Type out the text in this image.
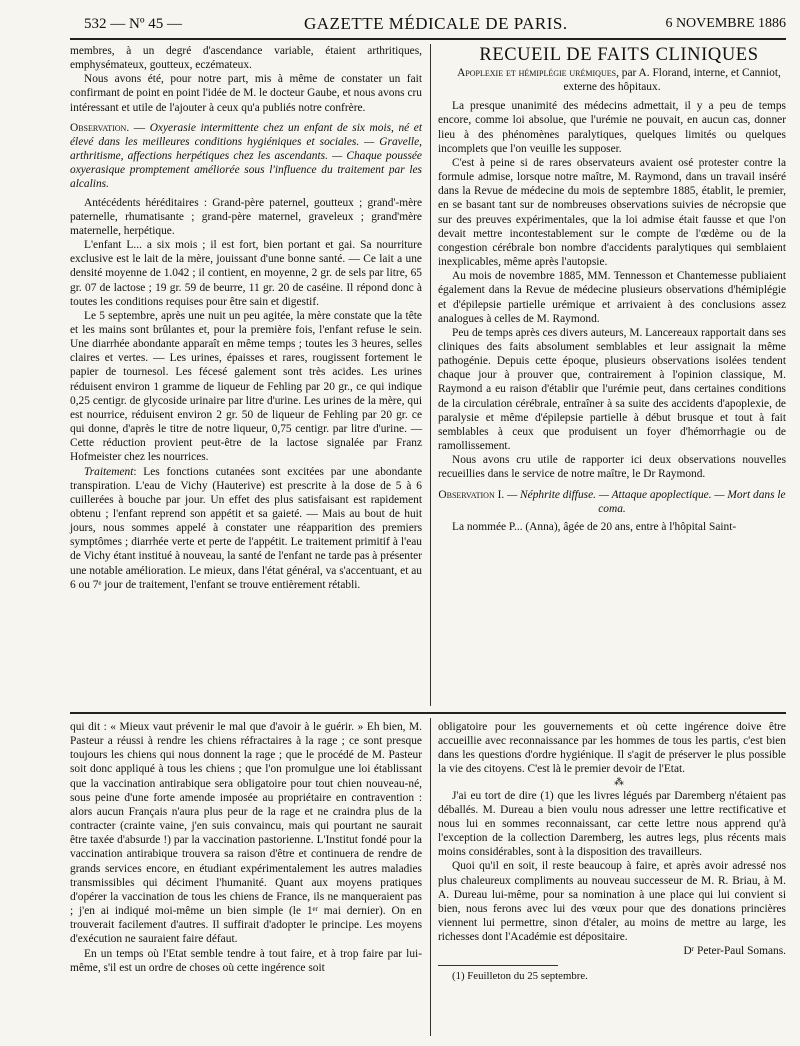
532 — Nº 45 —	GAZETTE MÉDICALE DE PARIS.	6 NOVEMBRE 1886

membres, à un degré d'ascendance variable, étaient arthritiques, emphysémateux, goutteux, eczémateux.

Nous avons été, pour notre part, mis à même de constater un fait confirmant de point en point l'idée de M. le docteur Gaube, et nous avons cru intéressant et utile de l'ajouter à ceux qu'a publiés notre confrère.

Observation. — Oxyerasie intermittente chez un enfant de six mois, né et élevé dans les meilleures conditions hygiéniques et sociales. — Gravelle, arthritisme, affections herpétiques chez les ascendants. — Chaque poussée oxyerasique promptement améliorée sous l'influence du traitement par les alcalins.

Antécédents héréditaires : Grand-père paternel, goutteux ; grand'-mère paternelle, rhumatisante ; grand-père maternel, graveleux ; grand'mère maternelle, herpétique.

L'enfant L... a six mois ; il est fort, bien portant et gai. Sa nourriture exclusive est le lait de la mère, jouissant d'une bonne santé. — Ce lait a une densité moyenne de 1.042 ; il contient, en moyenne, 2 gr. de sels par litre, 65 gr. 07 de lactose ; 19 gr. 59 de beurre, 11 gr. 20 de caséine. Il répond donc à toutes les conditions requises pour être sain et digestif.

Le 5 septembre, après une nuit un peu agitée, la mère constate que la tête et les mains sont brûlantes et, pour la première fois, l'enfant refuse le sein. Une diarrhée abondante apparaît en même temps ; toutes les 3 heures, selles claires et vertes. — Les urines, épaisses et rares, rougissent fortement le papier de tournesol. Les fécesé galement sont très acides. Les urines réduisent environ 1 gramme de liqueur de Fehling par 20 gr., ce qui indique 0,25 centigr. de glycoside urinaire par litre d'urine. Les urines de la mère, qui est nourrice, réduisent environ 2 gr. 50 de liqueur de Fehling par 20 gr. ce qui donne, d'après le titre de notre liqueur, 0,75 centigr. par litre d'urine. — Cette réduction provient peut-être de la lactose signalée par Franz Hofmeister chez les nourrices.

Traitement: Les fonctions cutanées sont excitées par une abondante transpiration. L'eau de Vichy (Hauterive) est prescrite à la dose de 5 à 6 cuillerées à bouche par jour. Un effet des plus satisfaisant est rapidement obtenu ; l'enfant reprend son appétit et sa gaieté. — Mais au bout de huit jours, nous sommes appelé à constater une réapparition des premiers symptômes ; diarrhée verte et perte de l'appétit. Le traitement primitif à l'eau de Vichy étant institué à nouveau, la santé de l'enfant ne tarde pas à présenter une notable amélioration. Le mieux, dans l'état général, va s'accentuant, et au 6 ou 7ᵉ jour de traitement, l'enfant se trouve entièrement rétabli.

RECUEIL DE FAITS CLINIQUES

Apoplexie et hémiplégie urémiques, par A. Florand, interne, et Canniot, externe des hôpitaux.

La presque unanimité des médecins admettait, il y a peu de temps encore, comme loi absolue, que l'urémie ne pouvait, en aucun cas, donner lieu à des phénomènes paralytiques, quelques limités ou quelques incomplets que l'on veuille les supposer.

C'est à peine si de rares observateurs avaient osé protester contre la formule admise, lorsque notre maître, M. Raymond, dans un travail inséré dans la Revue de médecine du mois de septembre 1885, établit, le premier, en se basant tant sur de nombreuses observations suivies de nécropsie que sur des preuves expérimentales, que la loi admise était fausse et que l'on devait mettre incontestablement sur le compte de l'œdème ou de la congestion cérébrale bon nombre d'accidents paralytiques qui semblaient inexplicables, même après l'autopsie.

Au mois de novembre 1885, MM. Tennesson et Chantemesse publiaient également dans la Revue de médecine plusieurs observations d'hémiplégie et d'épilepsie partielle urémique et arrivaient à des conclusions assez analogues à celles de M. Raymond.

Peu de temps après ces divers auteurs, M. Lancereaux rapportait dans ses cliniques des faits absolument semblables et leur assignait la même pathogénie. Depuis cette époque, plusieurs observations isolées tendent chaque jour à prouver que, contrairement à l'opinion classique, M. Raymond a eu raison d'établir que l'urémie peut, dans certaines conditions de la circulation cérébrale, entraîner à sa suite des accidents d'apoplexie, de paralysie et même d'épilepsie partielle à début brusque et tout à fait semblables à ceux que produisent un foyer d'hémorrhagie ou de ramollissement.

Nous avons cru utile de rapporter ici deux observations nouvelles recueillies dans le service de notre maître, le Dr Raymond.

Observation I. — Néphrite diffuse. — Attaque apoplectique. — Mort dans le coma.

La nommée P... (Anna), âgée de 20 ans, entre à l'hôpital Saint-

qui dit : « Mieux vaut prévenir le mal que d'avoir à le guérir. » Eh bien, M. Pasteur a réussi à rendre les chiens réfractaires à la rage ; ce sont presque toujours les chiens qui nous donnent la rage ; que le procédé de M. Pasteur soit donc appliqué à tous les chiens ; que l'on promulgue une loi établissant que la vaccination antirabique sera obligatoire pour tout chien nouveau-né, sous peine d'une forte amende imposée au propriétaire en contravention : alors aucun Français n'aura plus peur de la rage et ne craindra plus de la contracter (crainte vaine, j'en suis convaincu, mais qui pourtant ne saurait être taxée d'absurde !) par la vaccination pastorienne. L'Institut fondé pour la vaccination antirabique trouvera sa raison d'être et continuera de rendre de grands services encore, en étudiant expérimentalement les autres maladies transmissibles qui déciment l'humanité. Quant aux moyens pratiques d'opérer la vaccination de tous les chiens de France, ils ne manqueraient pas ; j'en ai indiqué moi-même un bien simple (le 1ᵉʳ mai dernier). On en trouverait facilement d'autres. Il suffirait d'adopter le principe. Les moyens d'exécution ne sauraient faire défaut.

En un temps où l'Etat semble tendre à tout faire, et à trop faire par lui-même, s'il est un ordre de choses où cette ingérence soit

obligatoire pour les gouvernements et où cette ingérence doive être accueillie avec reconnaissance par les hommes de tous les partis, c'est bien dans les questions d'ordre hygiénique. Il s'agit de préserver le plus possible la vie des citoyens. C'est là le premier devoir de l'Etat.

⁂

J'ai eu tort de dire (1) que les livres légués par Daremberg n'étaient pas déballés. M. Dureau a bien voulu nous adresser une lettre rectificative et nous lui en sommes reconnaissant, car cette lettre nous apprend qu'à l'exception de la collection Daremberg, les autres legs, plus récents mais moins considérables, sont à la disposition des travailleurs.

Quoi qu'il en soit, il reste beaucoup à faire, et après avoir adressé nos plus chaleureux compliments au nouveau successeur de M. R. Briau, à M. A. Dureau lui-même, pour sa nomination à une place qui lui convient si bien, nous ferons avec lui des vœux pour que des donations princières viennent lui permettre, sinon d'étaler, au moins de mettre au large, les richesses dont l'Académie est dépositaire.

Dʳ Peter-Paul Somans.

(1) Feuilleton du 25 septembre.
